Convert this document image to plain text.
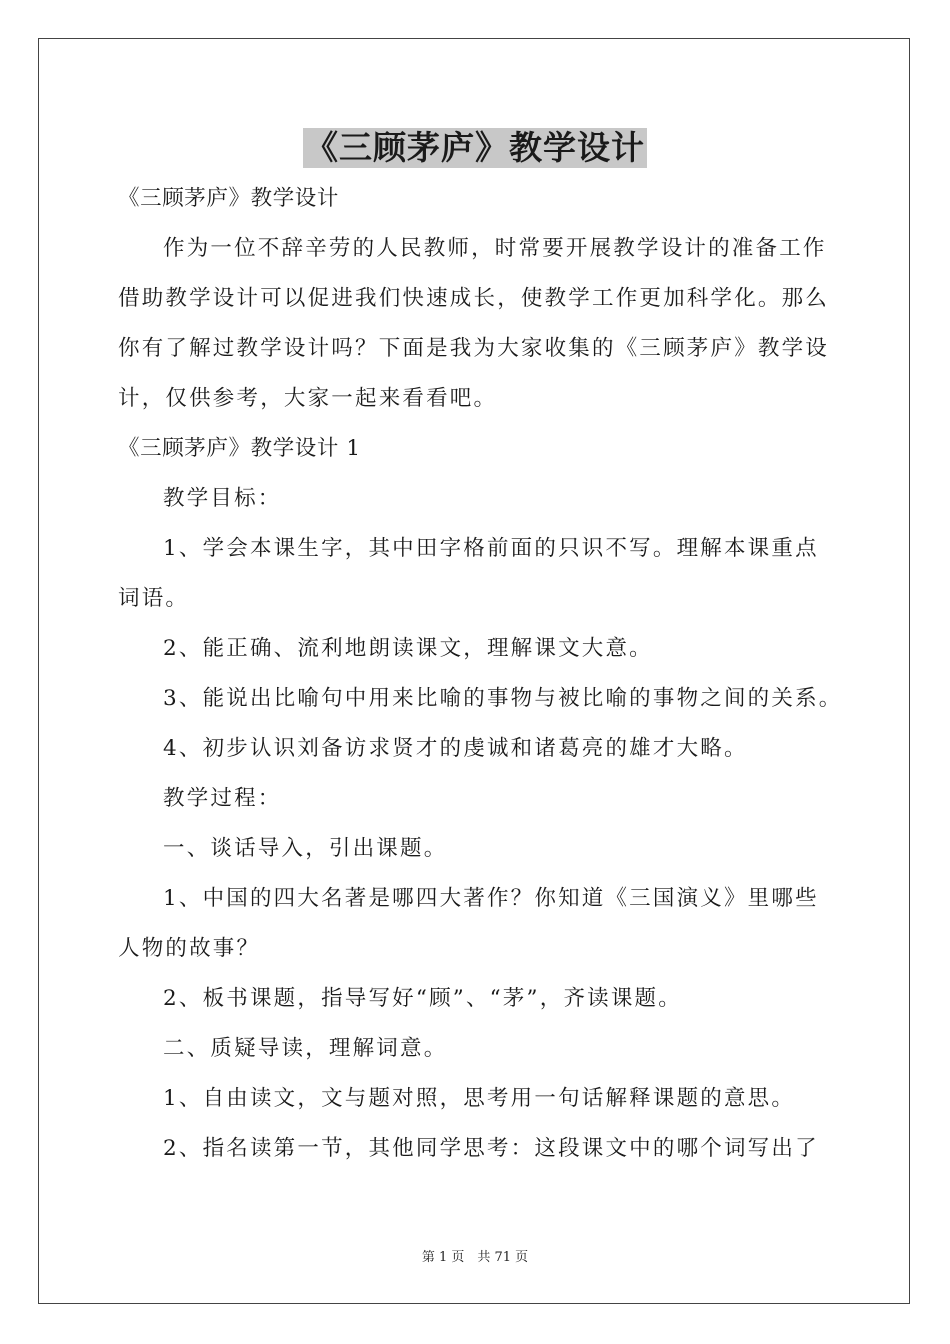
《三顾茅庐》教学设计
《三顾茅庐》教学设计
作为一位不辞辛劳的人民教师，时常要开展教学设计的准备工作
借助教学设计可以促进我们快速成长，使教学工作更加科学化。那么
你有了解过教学设计吗？下面是我为大家收集的《三顾茅庐》教学设
计，仅供参考，大家一起来看看吧。
《三顾茅庐》教学设计 1
教学目标：
1、学会本课生字，其中田字格前面的只识不写。理解本课重点
词语。
2、能正确、流利地朗读课文，理解课文大意。
3、能说出比喻句中用来比喻的事物与被比喻的事物之间的关系。
4、初步认识刘备访求贤才的虔诚和诸葛亮的雄才大略。
教学过程：
一、谈话导入，引出课题。
1、中国的四大名著是哪四大著作？你知道《三国演义》里哪些
人物的故事？
2、板书课题，指导写好“顾”、“茅”，齐读课题。
二、质疑导读，理解词意。
1、自由读文，文与题对照，思考用一句话解释课题的意思。
2、指名读第一节，其他同学思考：这段课文中的哪个词写出了
第 1 页　共 71 页
